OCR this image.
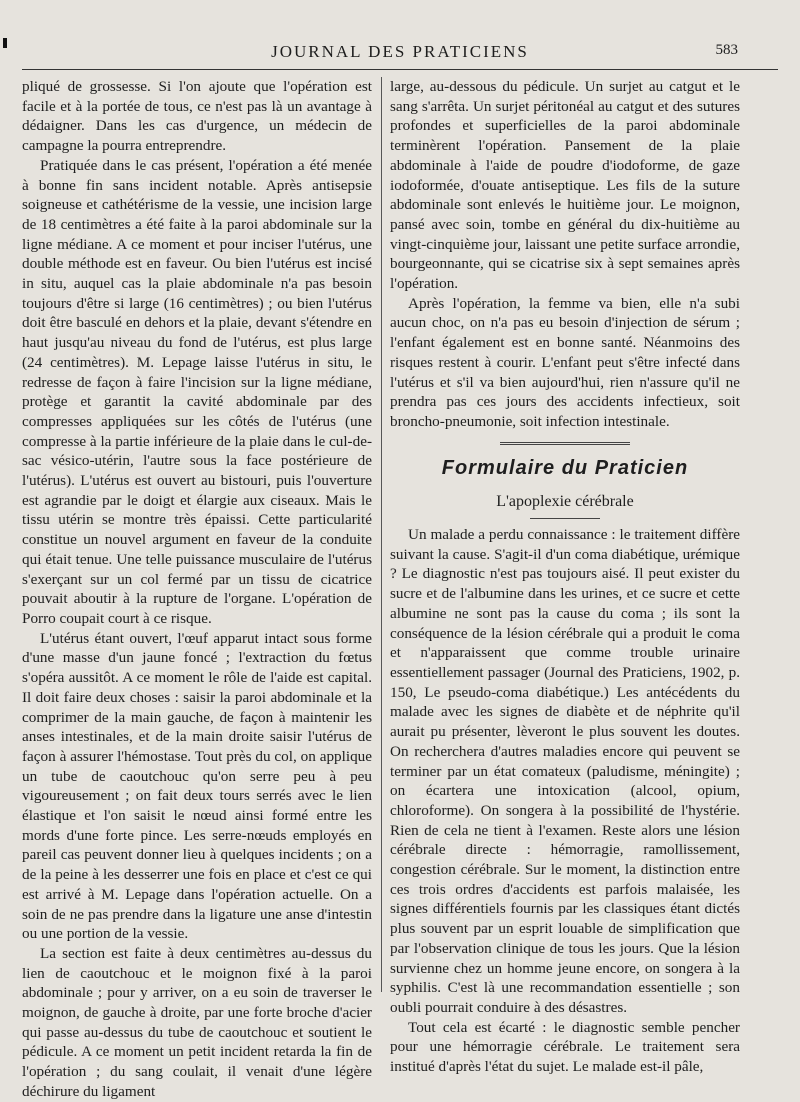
JOURNAL DES PRATICIENS	583

pliqué de grossesse. Si l'on ajoute que l'opération est facile et à la portée de tous, ce n'est pas là un avantage à dédaigner. Dans les cas d'urgence, un médecin de campagne la pourra entreprendre.

Pratiquée dans le cas présent, l'opération a été menée à bonne fin sans incident notable. Après antisepsie soigneuse et cathétérisme de la vessie, une incision large de 18 centimètres a été faite à la paroi abdominale sur la ligne médiane. A ce moment et pour inciser l'utérus, une double méthode est en faveur. Ou bien l'utérus est incisé in situ, auquel cas la plaie abdominale n'a pas besoin toujours d'être si large (16 centimètres) ; ou bien l'utérus doit être basculé en dehors et la plaie, devant s'étendre en haut jusqu'au niveau du fond de l'utérus, est plus large (24 centimètres). M. Lepage laisse l'utérus in situ, le redresse de façon à faire l'incision sur la ligne médiane, protège et garantit la cavité abdominale par des compresses appliquées sur les côtés de l'utérus (une compresse à la partie inférieure de la plaie dans le cul-de-sac vésico-utérin, l'autre sous la face postérieure de l'utérus). L'utérus est ouvert au bistouri, puis l'ouverture est agrandie par le doigt et élargie aux ciseaux. Mais le tissu utérin se montre très épaissi. Cette particularité constitue un nouvel argument en faveur de la conduite qui était tenue. Une telle puissance musculaire de l'utérus s'exerçant sur un col fermé par un tissu de cicatrice pouvait aboutir à la rupture de l'organe. L'opération de Porro coupait court à ce risque.

L'utérus étant ouvert, l'œuf apparut intact sous forme d'une masse d'un jaune foncé ; l'extraction du fœtus s'opéra aussitôt. A ce moment le rôle de l'aide est capital. Il doit faire deux choses : saisir la paroi abdominale et la comprimer de la main gauche, de façon à maintenir les anses intestinales, et de la main droite saisir l'utérus de façon à assurer l'hémostase. Tout près du col, on applique un tube de caoutchouc qu'on serre peu à peu vigoureusement ; on fait deux tours serrés avec le lien élastique et l'on saisit le nœud ainsi formé entre les mords d'une forte pince. Les serre-nœuds employés en pareil cas peuvent donner lieu à quelques incidents ; on a de la peine à les desserrer une fois en place et c'est ce qui est arrivé à M. Lepage dans l'opération actuelle. On a soin de ne pas prendre dans la ligature une anse d'intestin ou une portion de la vessie.

La section est faite à deux centimètres au-dessus du lien de caoutchouc et le moignon fixé à la paroi abdominale ; pour y arriver, on a eu soin de traverser le moignon, de gauche à droite, par une forte broche d'acier qui passe au-dessus du tube de caoutchouc et soutient le pédicule. A ce moment un petit incident retarda la fin de l'opération ; du sang coulait, il venait d'une légère déchirure du ligament

large, au-dessous du pédicule. Un surjet au catgut et le sang s'arrêta. Un surjet péritonéal au catgut et des sutures profondes et superficielles de la paroi abdominale terminèrent l'opération. Pansement de la plaie abdominale à l'aide de poudre d'iodoforme, de gaze iodoformée, d'ouate antiseptique. Les fils de la suture abdominale sont enlevés le huitième jour. Le moignon, pansé avec soin, tombe en général du dix-huitième au vingt-cinquième jour, laissant une petite surface arrondie, bourgeonnante, qui se cicatrise six à sept semaines après l'opération.

Après l'opération, la femme va bien, elle n'a subi aucun choc, on n'a pas eu besoin d'injection de sérum ; l'enfant également est en bonne santé. Néanmoins des risques restent à courir. L'enfant peut s'être infecté dans l'utérus et s'il va bien aujourd'hui, rien n'assure qu'il ne prendra pas ces jours des accidents infectieux, soit broncho-pneumonie, soit infection intestinale.

Formulaire du Praticien
L'apoplexie cérébrale

Un malade a perdu connaissance : le traitement diffère suivant la cause. S'agit-il d'un coma diabétique, urémique ? Le diagnostic n'est pas toujours aisé. Il peut exister du sucre et de l'albumine dans les urines, et ce sucre et cette albumine ne sont pas la cause du coma ; ils sont la conséquence de la lésion cérébrale qui a produit le coma et n'apparaissent que comme trouble urinaire essentiellement passager (Journal des Praticiens, 1902, p. 150, Le pseudo-coma diabétique.) Les antécédents du malade avec les signes de diabète et de néphrite qu'il aurait pu présenter, lèveront le plus souvent les doutes. On recherchera d'autres maladies encore qui peuvent se terminer par un état comateux (paludisme, méningite) ; on écartera une intoxication (alcool, opium, chloroforme). On songera à la possibilité de l'hystérie. Rien de cela ne tient à l'examen. Reste alors une lésion cérébrale directe : hémorragie, ramollissement, congestion cérébrale. Sur le moment, la distinction entre ces trois ordres d'accidents est parfois malaisée, les signes différentiels fournis par les classiques étant dictés plus souvent par un esprit louable de simplification que par l'observation clinique de tous les jours. Que la lésion survienne chez un homme jeune encore, on songera à la syphilis. C'est là une recommandation essentielle ; son oubli pourrait conduire à des désastres.

Tout cela est écarté : le diagnostic semble pencher pour une hémorragie cérébrale. Le traitement sera institué d'après l'état du sujet. Le malade est-il pâle,
